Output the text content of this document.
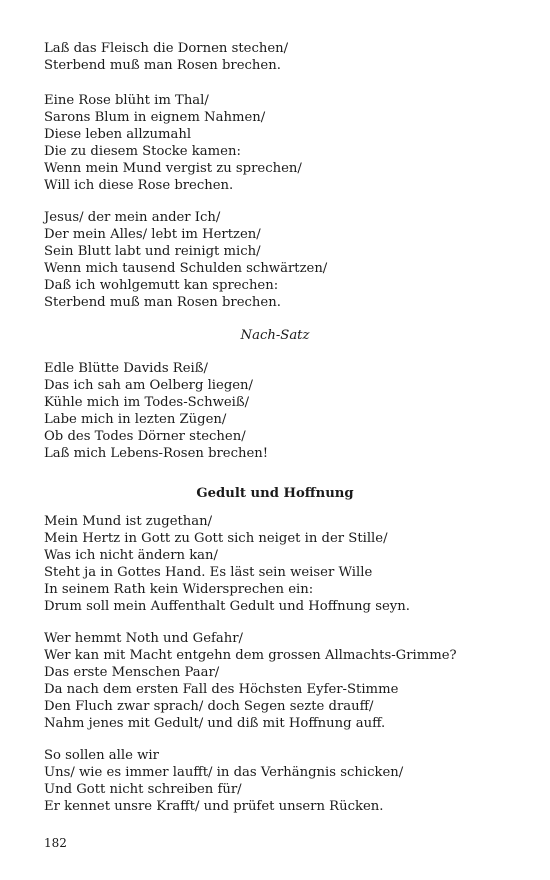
Laß das Fleisch die Dornen stechen/
Sterbend muß man Rosen brechen.
Eine Rose blüht im Thal/
Sarons Blum in eignem Nahmen/
Diese leben allzumahl
Die zu diesem Stocke kamen:
Wenn mein Mund vergist zu sprechen/
Will ich diese Rose brechen.
Jesus/ der mein ander Ich/
Der mein Alles/ lebt im Hertzen/
Sein Blutt labt und reinigt mich/
Wenn mich tausend Schulden schwärtzen/
Daß ich wohlgemutt kan sprechen:
Sterbend muß man Rosen brechen.
Nach-Satz
Edle Blütte Davids Reiß/
Das ich sah am Oelberg liegen/
Kühle mich im Todes-Schweiß/
Labe mich in lezten Zügen/
Ob des Todes Dörner stechen/
Laß mich Lebens-Rosen brechen!
Gedult und Hoffnung
Mein Mund ist zugethan/
Mein Hertz in Gott zu Gott sich neiget in der Stille/
Was ich nicht ändern kan/
Steht ja in Gottes Hand. Es läst sein weiser Wille
In seinem Rath kein Widersprechen ein:
Drum soll mein Auffenthalt Gedult und Hoffnung seyn.
Wer hemmt Noth und Gefahr/
Wer kan mit Macht entgehn dem grossen Allmachts-Grimme?
Das erste Menschen Paar/
Da nach dem ersten Fall des Höchsten Eyfer-Stimme
Den Fluch zwar sprach/ doch Segen sezte drauff/
Nahm jenes mit Gedult/ und diß mit Hoffnung auff.
So sollen alle wir
Uns/ wie es immer laufft/ in das Verhängnis schicken/
Und Gott nicht schreiben für/
Er kennet unsre Krafft/ und prüfet unsern Rücken.
182
